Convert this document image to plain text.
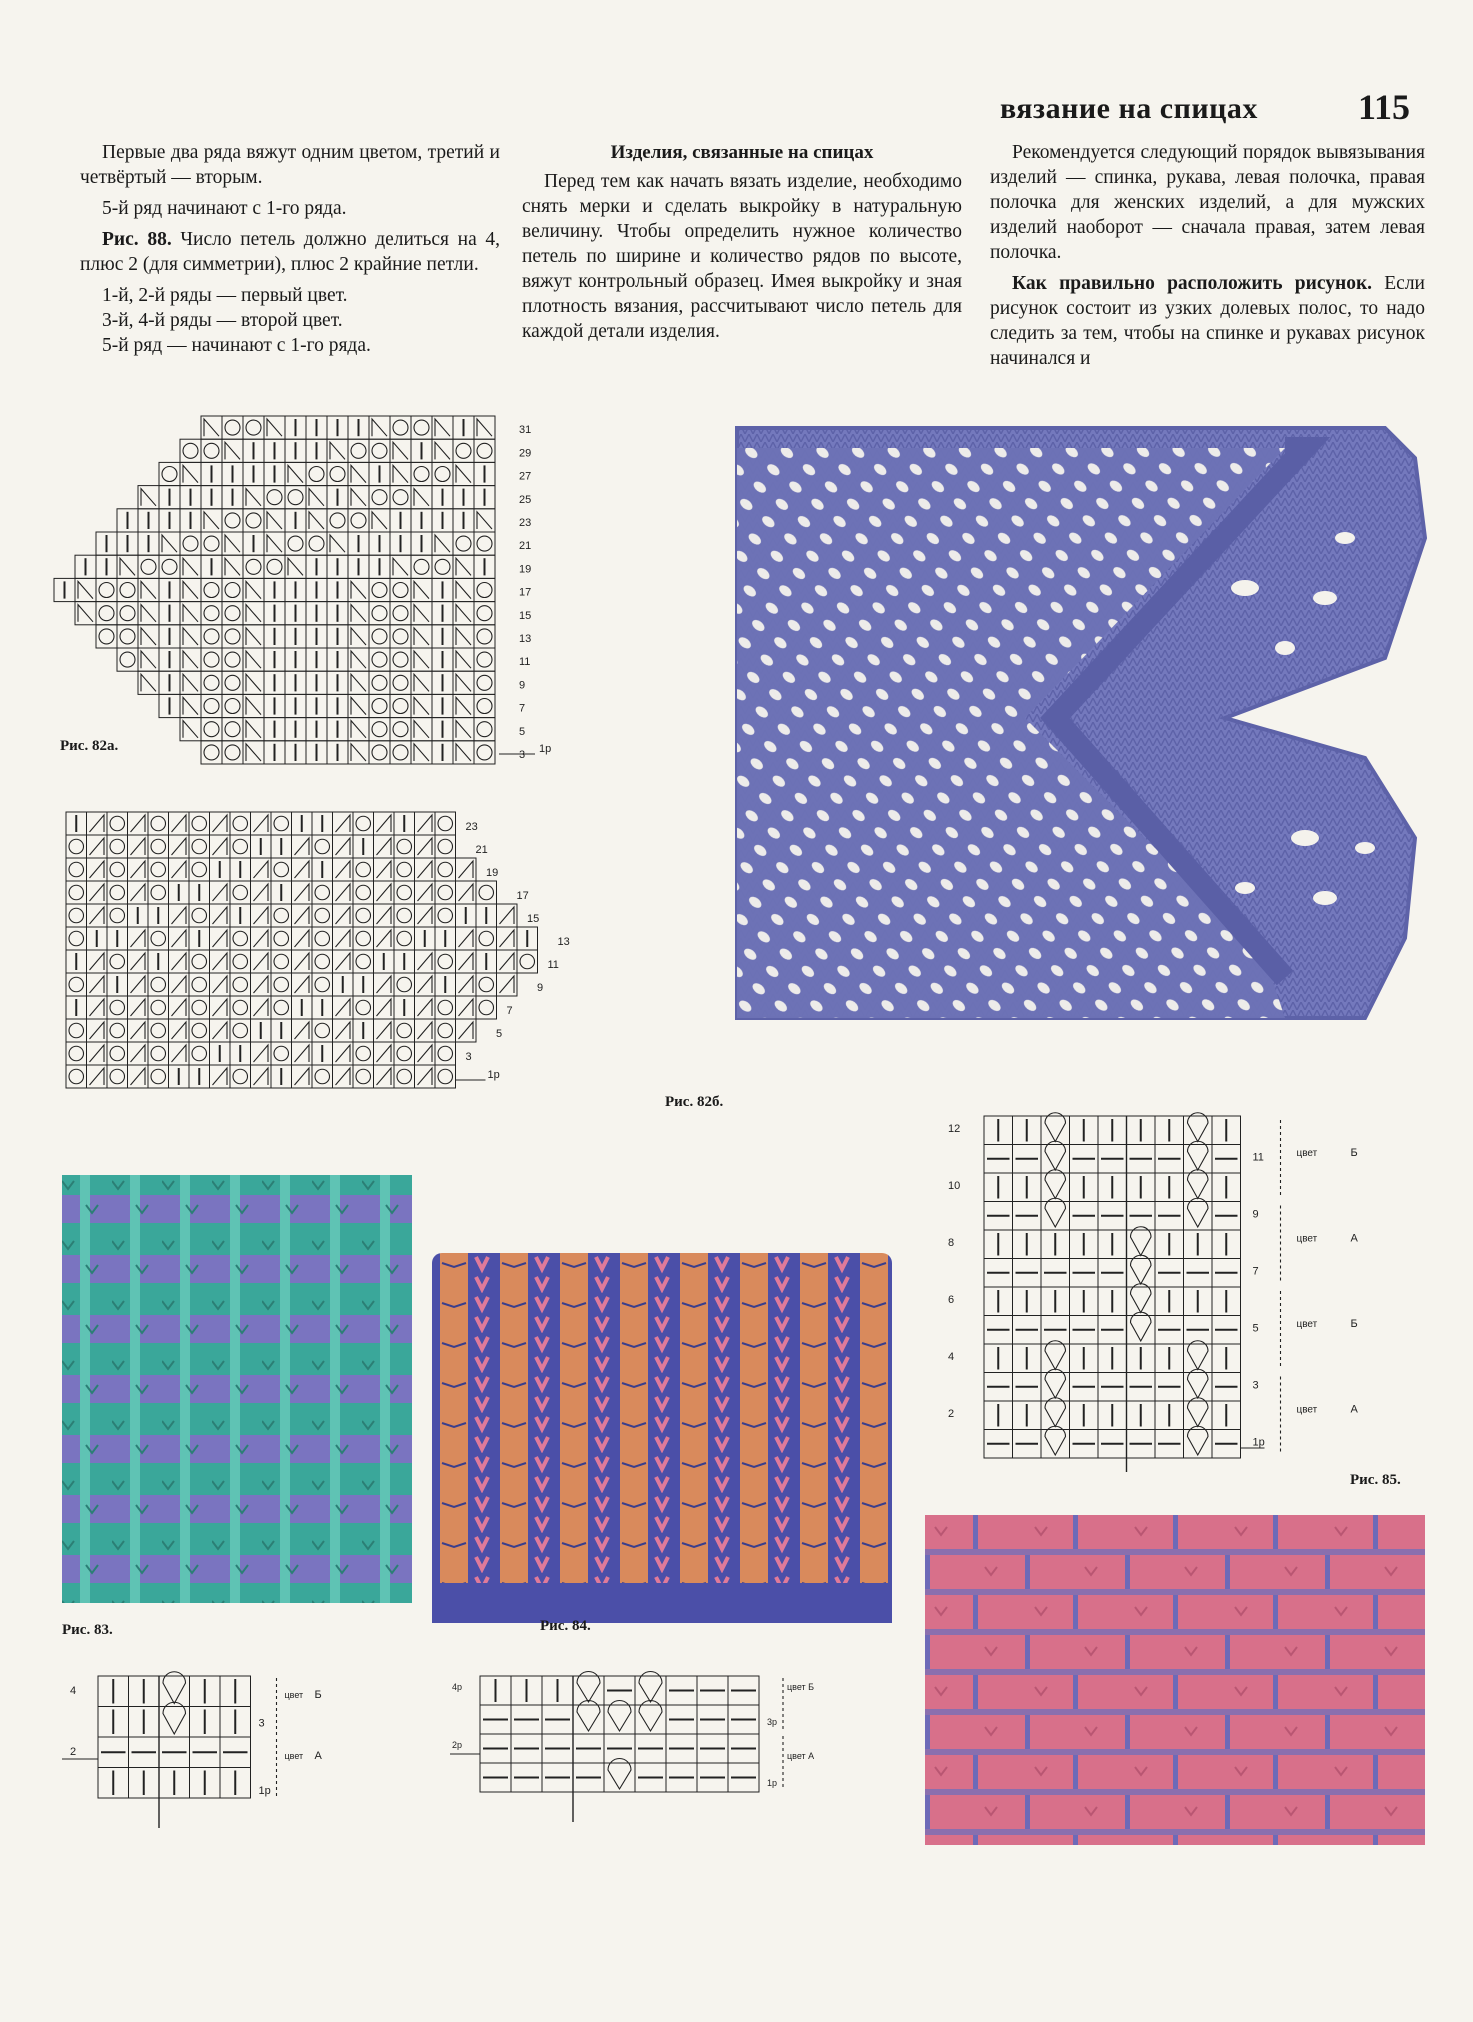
вязание на спицах	115

Первые два ряда вяжут одним цветом, третий и четвёртый — вторым.

5-й ряд начинают с 1-го ряда.

Рис. 88. Число петель должно делиться на 4, плюс 2 (для симметрии), плюс 2 крайние петли.

1-й, 2-й ряды — первый цвет.

3-й, 4-й ряды — второй цвет.

5-й ряд — начинают с 1-го ряда.

Изделия, связанные на спицах

Перед тем как начать вязать изделие, необходимо снять мерки и сделать выкройку в натуральную величину. Чтобы определить нужное количество петель по ширине и количество рядов по высоте, вяжут контрольный образец. Имея выкройку и зная плотность вязания, рассчитывают число петель для каждой детали изделия.

Рекомендуется следующий порядок вывязывания изделий — спинка, рукава, левая полочка, правая полочка для женских изделий, а для мужских изделий наоборот — сначала правая, затем левая полочка.

Как правильно расположить рисунок. Если рисунок состоит из узких долевых полос, то надо следить за тем, чтобы на спинке и рукавах рисунок начинался и

31
29
27
25
23
21
19
17
15
13
11
9
7
5
3 1р
Рис. 82а.
23
21
19
17
15
13
11
9
7
5
3
1р
Рис. 82б.
12
10
8
6
4
2
11
9
7
5
3
1р
цвет	Б
цвет	А
цвет	Б
цвет	А
Рис. 85.
Рис. 83.	Рис. 84.
4
2
3
1р
цвет Б
цвет А
4р
2р
3р
1р
цвет Б
цвет А
